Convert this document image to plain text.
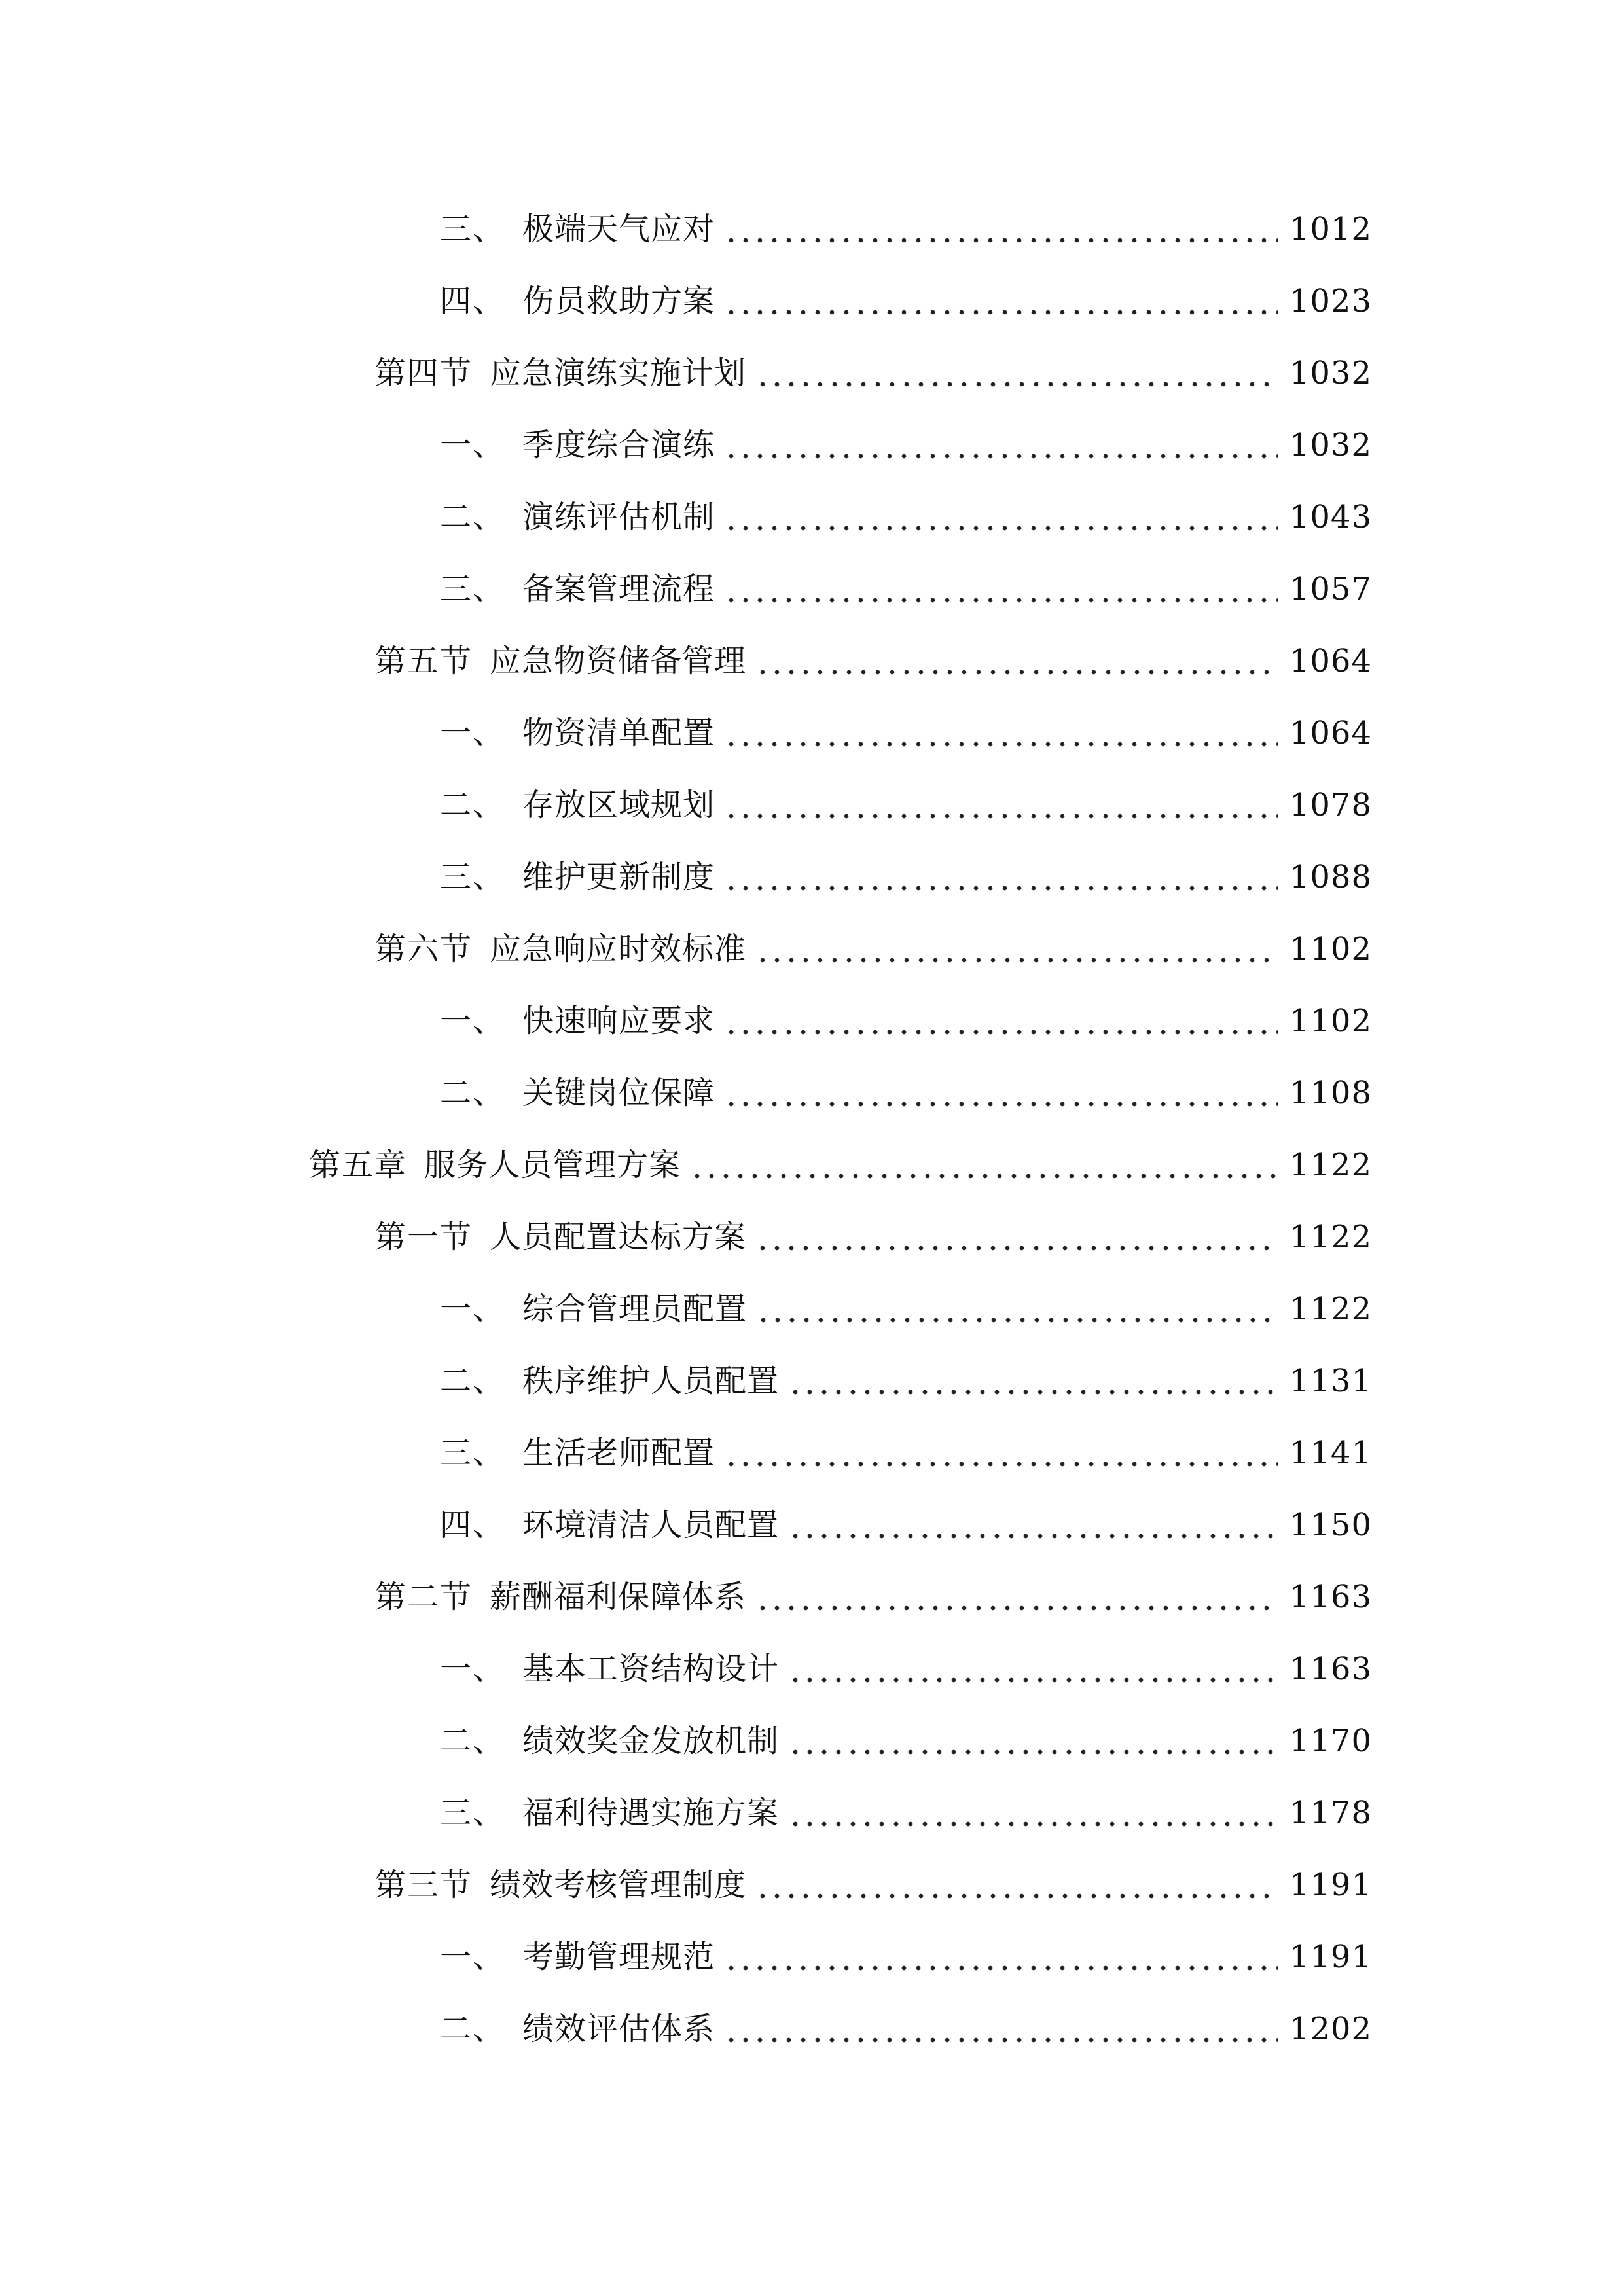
三、 极端天气应对	1012
四、 伤员救助方案	1023
第四节 应急演练实施计划	1032
一、 季度综合演练	1032
二、 演练评估机制	1043
三、 备案管理流程	1057
第五节 应急物资储备管理	1064
一、 物资清单配置	1064
二、 存放区域规划	1078
三、 维护更新制度	1088
第六节 应急响应时效标准	1102
一、 快速响应要求	1102
二、 关键岗位保障	1108
第五章 服务人员管理方案	1122
第一节 人员配置达标方案	1122
一、 综合管理员配置	1122
二、 秩序维护人员配置	1131
三、 生活老师配置	1141
四、 环境清洁人员配置	1150
第二节 薪酬福利保障体系	1163
一、 基本工资结构设计	1163
二、 绩效奖金发放机制	1170
三、 福利待遇实施方案	1178
第三节 绩效考核管理制度	1191
一、 考勤管理规范	1191
二、 绩效评估体系	1202
